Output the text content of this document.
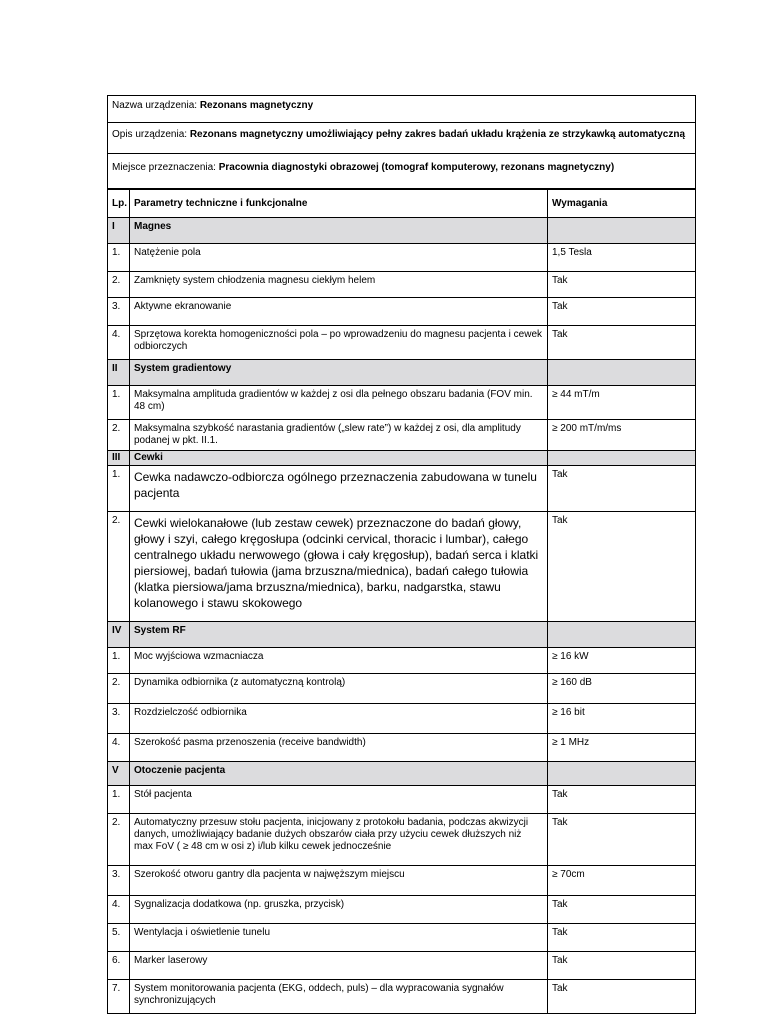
Nazwa urządzenia: Rezonans magnetyczny
Opis urządzenia: Rezonans magnetyczny umożliwiający pełny zakres badań układu krążenia ze strzykawką automatyczną
Miejsce przeznaczenia: Pracownia diagnostyki obrazowej (tomograf komputerowy, rezonans magnetyczny)
Lp.	Parametry techniczne i funkcjonalne	Wymagania
I	Magnes	
1.	Natężenie pola	1,5 Tesla
2.	Zamknięty system chłodzenia magnesu ciekłym helem	Tak
3.	Aktywne ekranowanie	Tak
4.	Sprzętowa korekta homogeniczności pola – po wprowadzeniu do magnesu pacjenta i cewek odbiorczych	Tak
II	System gradientowy	
1.	Maksymalna amplituda gradientów w każdej z osi dla pełnego obszaru badania (FOV min. 48 cm)	≥ 44 mT/m
2.	Maksymalna szybkość narastania gradientów („slew rate”) w każdej z osi, dla amplitudy podanej w pkt. II.1.	≥ 200 mT/m/ms
III	Cewki	
1.	Cewka nadawczo-odbiorcza ogólnego przeznaczenia zabudowana w tunelu pacjenta	Tak
2.	Cewki wielokanałowe (lub zestaw cewek) przeznaczone do badań głowy, głowy i szyi, całego kręgosłupa (odcinki cervical, thoracic i lumbar), całego centralnego układu nerwowego (głowa i cały kręgosłup), badań serca i klatki piersiowej, badań tułowia (jama brzuszna/miednica), badań całego tułowia (klatka piersiowa/jama brzuszna/miednica), barku, nadgarstka, stawu kolanowego i stawu skokowego	Tak
IV	System RF	
1.	Moc wyjściowa wzmacniacza	≥ 16 kW
2.	Dynamika odbiornika (z automatyczną kontrolą)	≥ 160 dB
3.	Rozdzielczość odbiornika	≥ 16 bit
4.	Szerokość pasma przenoszenia (receive bandwidth)	≥ 1 MHz
V	Otoczenie pacjenta	
1.	Stół pacjenta	Tak
2.	Automatyczny przesuw stołu pacjenta, inicjowany z protokołu badania, podczas akwizycji danych, umożliwiający badanie dużych obszarów ciała przy użyciu cewek dłuższych niż max FoV ( ≥ 48 cm w osi z) i/lub kilku cewek jednocześnie	Tak
3.	Szerokość otworu gantry dla pacjenta w najwęższym miejscu	≥ 70cm
4.	Sygnalizacja dodatkowa (np. gruszka, przycisk)	Tak
5.	Wentylacja i oświetlenie tunelu	Tak
6.	Marker laserowy	Tak
7.	System monitorowania pacjenta (EKG, oddech, puls) – dla wypracowania sygnałów synchronizujących	Tak
